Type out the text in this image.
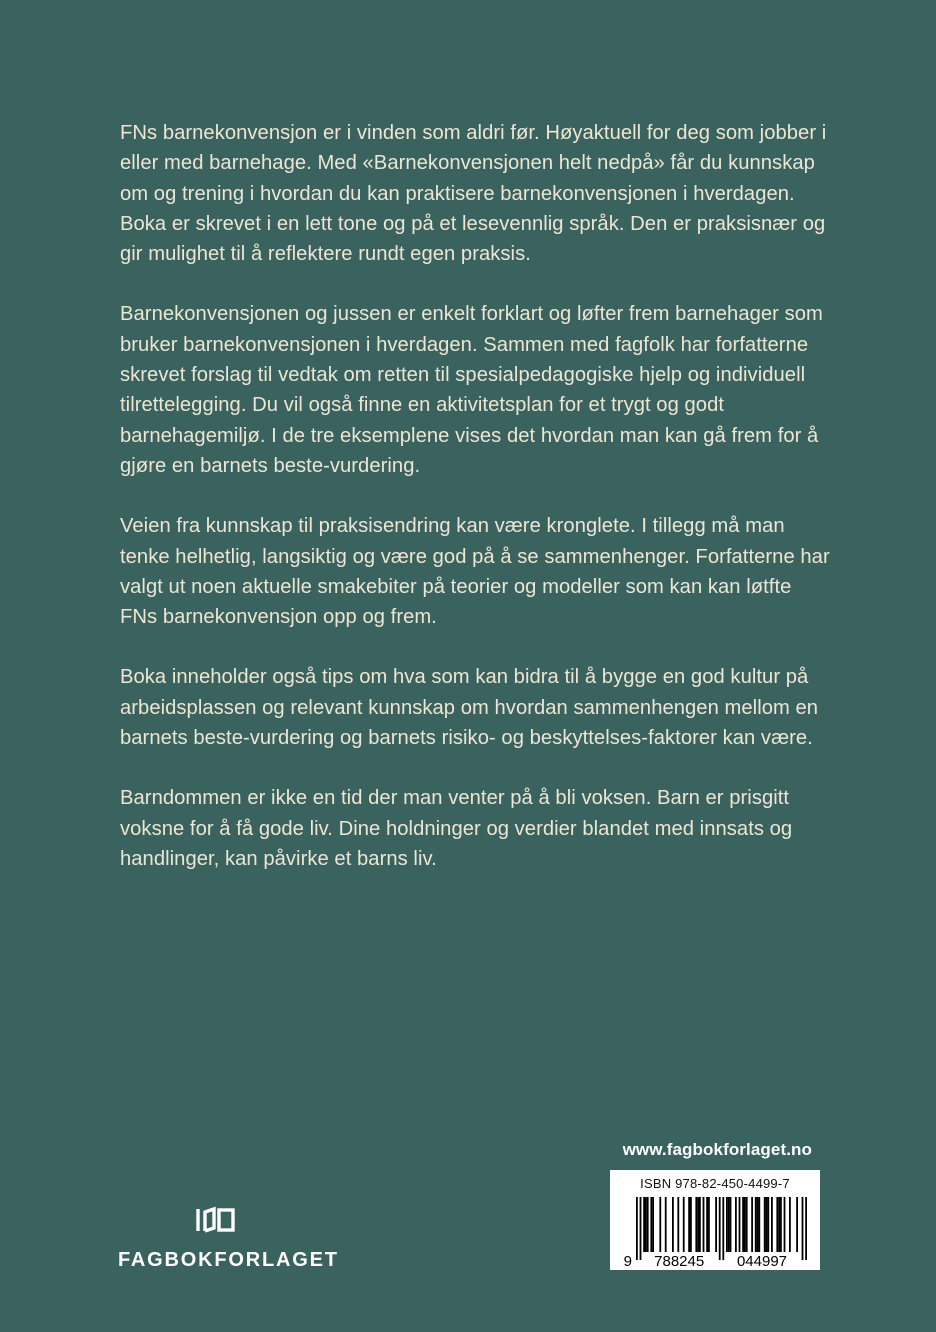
FNs barnekonvensjon er i vinden som aldri før. Høyaktuell for deg som jobber i eller med barnehage. Med «Barnekonvensjonen helt nedpå» får du kunnskap om og trening i hvordan du kan praktisere barnekonvensjonen i hverdagen. Boka er skrevet i en lett tone og på et lesevennlig språk. Den er praksisnær og gir mulighet til å reflektere rundt egen praksis.

Barnekonvensjonen og jussen er enkelt forklart og løfter frem barnehager som bruker barnekonvensjonen i hverdagen. Sammen med fagfolk har forfatterne skrevet forslag til vedtak om retten til spesialpedagogiske hjelp og individuell tilrettelegging. Du vil også finne en aktivitetsplan for et trygt og godt barnehagemiljø. I de tre eksemplene vises det hvordan man kan gå frem for å gjøre en barnets beste-vurdering.

Veien fra kunnskap til praksisendring kan være kronglete. I tillegg må man tenke helhetlig, langsiktig og være god på å se sammenhenger. Forfatterne har valgt ut noen aktuelle smakebiter på teorier og modeller som kan kan løtfte FNs barnekonvensjon opp og frem.

Boka inneholder også tips om hva som kan bidra til å bygge en god kultur på arbeidsplassen og relevant kunnskap om hvordan sammenhengen mellom en barnets beste-vurdering og barnets risiko- og beskyttelses-faktorer kan være.

Barndommen er ikke en tid der man venter på å bli voksen. Barn er prisgitt voksne for å få gode liv. Dine holdninger og verdier blandet med innsats og handlinger, kan påvirke et barns liv.

www.fagbokforlaget.no
9 788245 044997
ISBN 978-82-450-4499-7
FAGBOKFORLAGET
